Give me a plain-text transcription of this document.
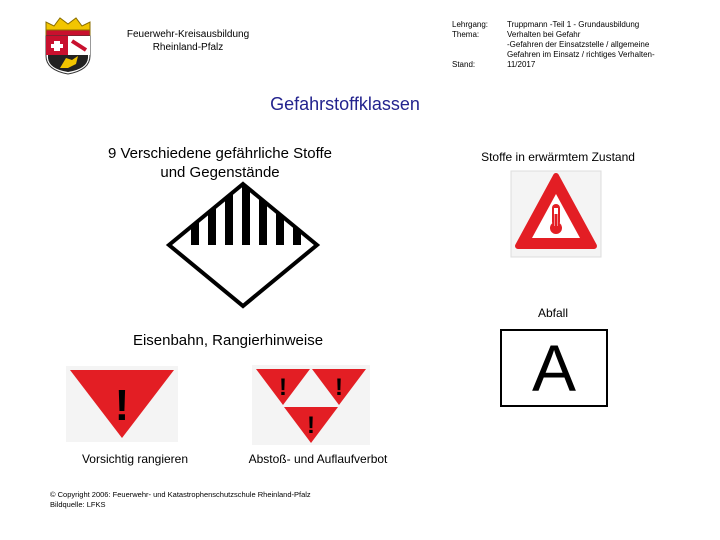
Feuerwehr-Kreisausbildung
Rheinland-Pfalz
Lehrgang:	Truppmann -Teil 1 - Grundausbildung
Thema:	Verhalten bei Gefahr
-Gefahren der Einsatzstelle / allgemeine
Gefahren im Einsatz / richtiges Verhalten-
Stand:	11/2017
Gefahrstoffklassen
9 Verschiedene gefährliche Stoffe
und Gegenstände
Stoffe in erwärmtem Zustand
Abfall
A
Eisenbahn, Rangierhinweise
!	! !
!
Vorsichtig rangieren	Abstoß- und Auflaufverbot
© Copyright 2006: Feuerwehr- und Katastrophenschutzschule Rheinland-Pfalz
Bildquelle: LFKS
